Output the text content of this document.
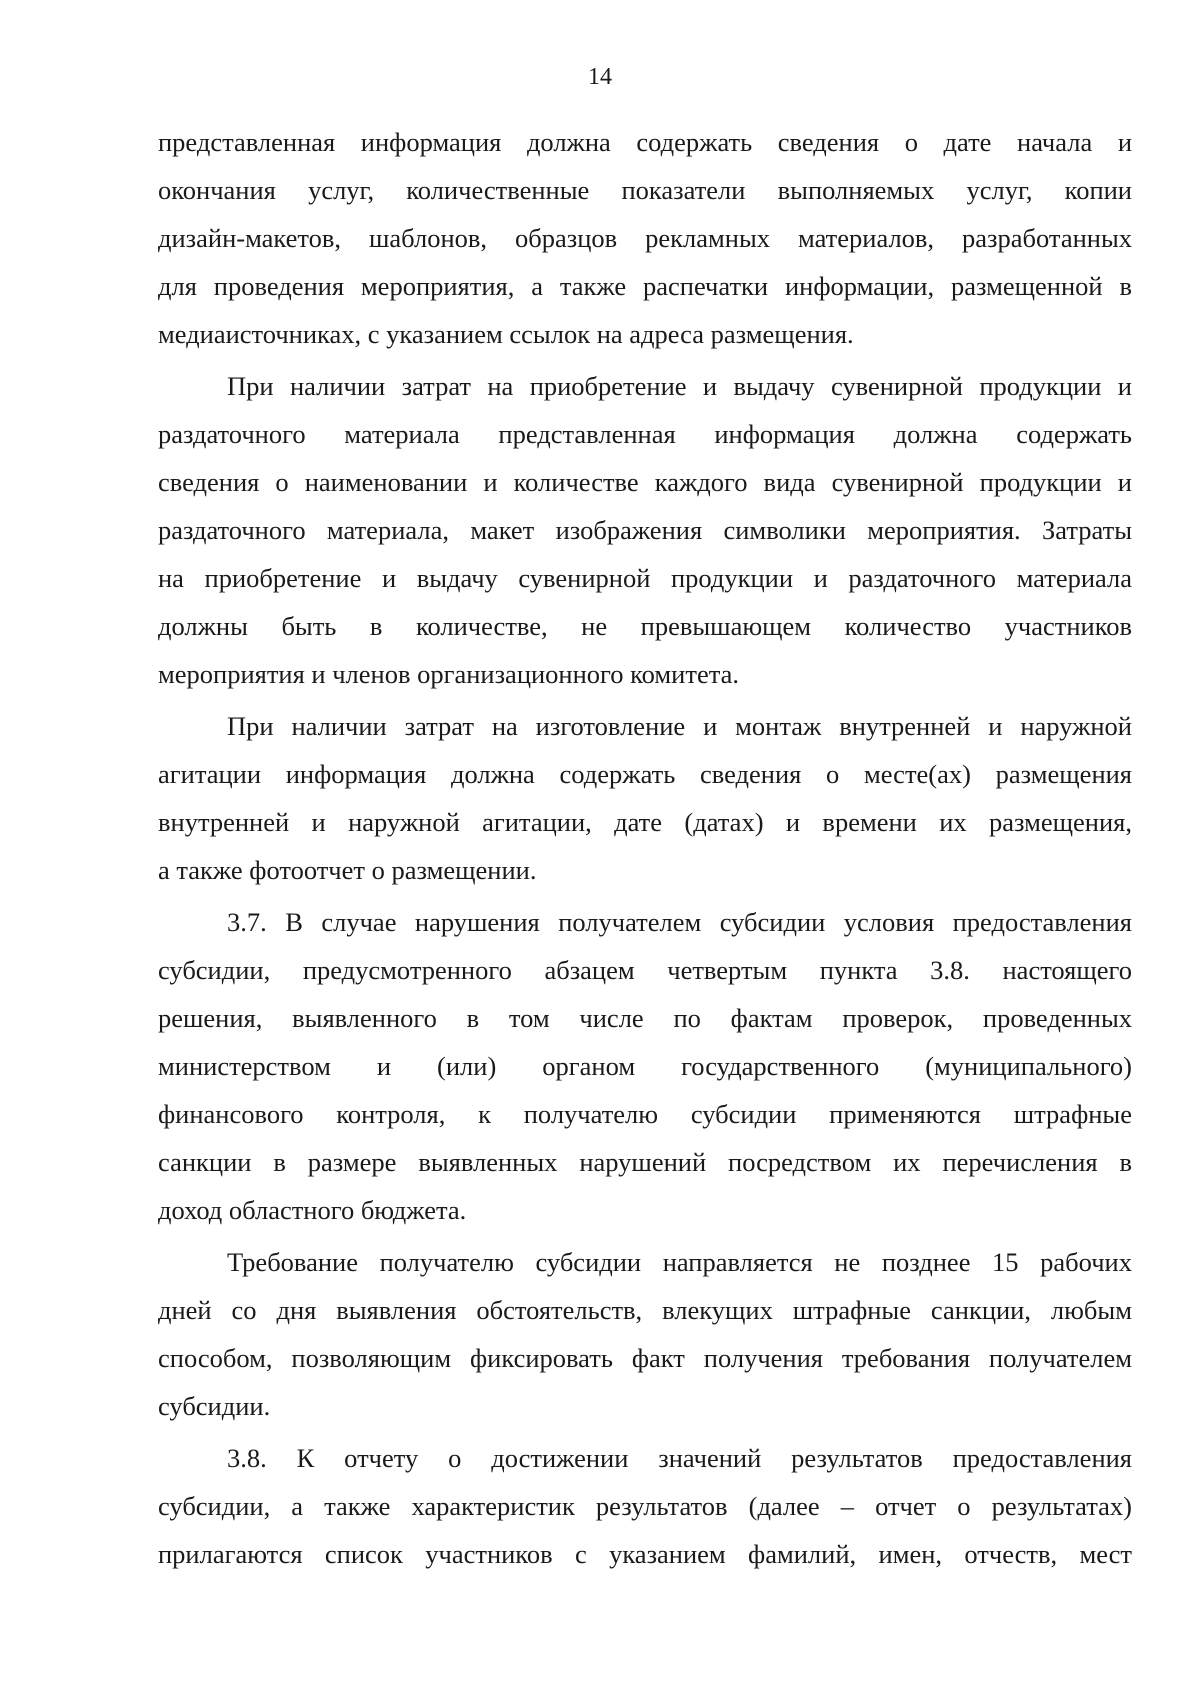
14
представленная информация должна содержать сведения о дате начала и
окончания услуг, количественные показатели выполняемых услуг, копии
дизайн-макетов, шаблонов, образцов рекламных материалов, разработанных
для проведения мероприятия, а также распечатки информации, размещенной в
медиаисточниках, с указанием ссылок на адреса размещения.
При наличии затрат на приобретение и выдачу сувенирной продукции и
раздаточного материала представленная информация должна содержать
сведения о наименовании и количестве каждого вида сувенирной продукции и
раздаточного материала, макет изображения символики мероприятия. Затраты
на приобретение и выдачу сувенирной продукции и раздаточного материала
должны быть в количестве, не превышающем количество участников
мероприятия и членов организационного комитета.
При наличии затрат на изготовление и монтаж внутренней и наружной
агитации информация должна содержать сведения о месте(ах) размещения
внутренней и наружной агитации, дате (датах) и времени их размещения,
а также фотоотчет о размещении.
3.7. В случае нарушения получателем субсидии условия предоставления
субсидии, предусмотренного абзацем четвертым пункта 3.8. настоящего
решения, выявленного в том числе по фактам проверок, проведенных
министерством и (или) органом государственного (муниципального)
финансового контроля, к получателю субсидии применяются штрафные
санкции в размере выявленных нарушений посредством их перечисления в
доход областного бюджета.
Требование получателю субсидии направляется не позднее 15 рабочих
дней со дня выявления обстоятельств, влекущих штрафные санкции, любым
способом, позволяющим фиксировать факт получения требования получателем
субсидии.
3.8. К отчету о достижении значений результатов предоставления
субсидии, а также характеристик результатов (далее – отчет о результатах)
прилагаются список участников с указанием фамилий, имен, отчеств, мест
